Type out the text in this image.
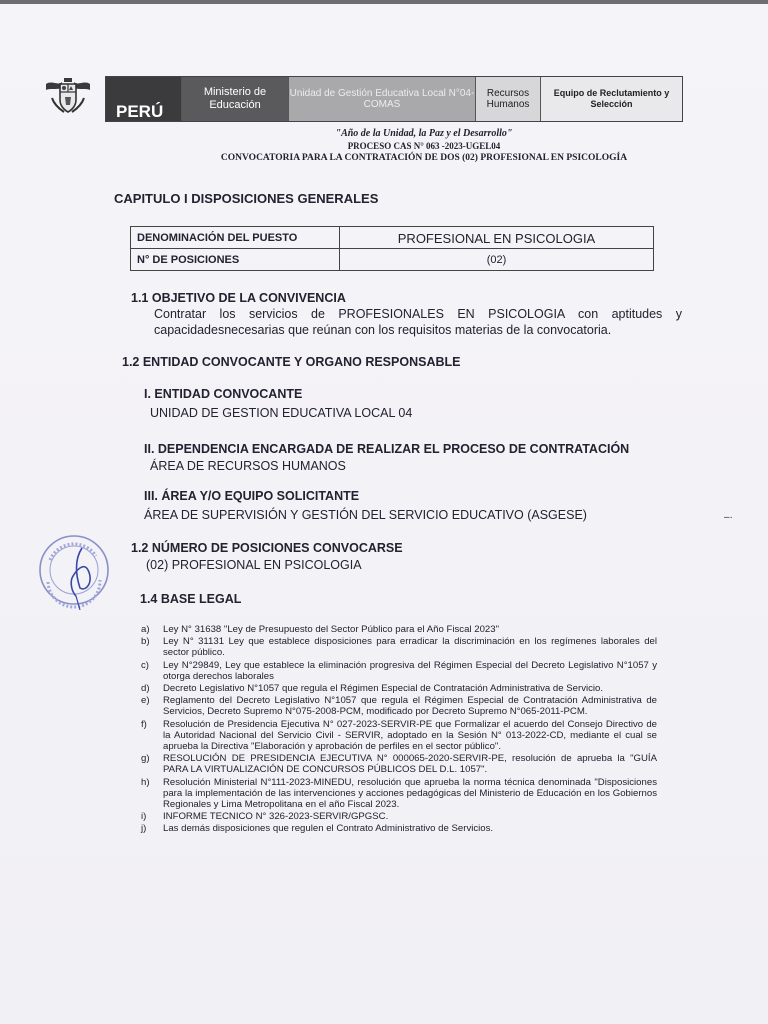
PERÚ
Ministerio de Educación
Unidad de Gestión Educativa Local N°04-COMAS
Recursos Humanos
Equipo de Reclutamiento y Selección
"Año de la Unidad, la Paz y el Desarrollo"
PROCESO CAS N° 063 -2023-UGEL04
CONVOCATORIA PARA LA CONTRATACIÓN DE DOS (02) PROFESIONAL EN PSICOLOGÍA
CAPITULO I DISPOSICIONES GENERALES
DENOMINACIÓN DEL PUESTO	PROFESIONAL EN PSICOLOGIA
N° DE POSICIONES	(02)
1.1 OBJETIVO DE LA CONVIVENCIA
Contratar los servicios de PROFESIONALES EN PSICOLOGIA con aptitudes y capacidadesnecesarias que reúnan con los requisitos materias de la convocatoria.
1.2 ENTIDAD CONVOCANTE Y ORGANO RESPONSABLE
I. ENTIDAD CONVOCANTE
UNIDAD DE GESTION EDUCATIVA LOCAL 04
II. DEPENDENCIA ENCARGADA DE REALIZAR EL PROCESO DE CONTRATACIÓN
ÁREA DE RECURSOS HUMANOS
III. ÁREA Y/O EQUIPO SOLICITANTE
ÁREA DE SUPERVISIÓN Y GESTIÓN DEL SERVICIO EDUCATIVO (ASGESE)	–·
1.2 NÚMERO DE POSICIONES CONVOCARSE
(02) PROFESIONAL EN PSICOLOGIA
1.4 BASE LEGAL
a) Ley N° 31638 "Ley de Presupuesto del Sector Público para el Año Fiscal 2023"
b) Ley N° 31131 Ley que establece disposiciones para erradicar la discriminación en los regímenes laborales del sector público.
c) Ley N°29849, Ley que establece la eliminación progresiva del Régimen Especial del Decreto Legislativo N°1057 y otorga derechos laborales
d) Decreto Legislativo N°1057 que regula el Régimen Especial de Contratación Administrativa de Servicio.
e) Reglamento del Decreto Legislativo N°1057 que regula el Régimen Especial de Contratación Administrativa de Servicios, Decreto Supremo N°075-2008-PCM, modificado por Decreto Supremo N°065-2011-PCM.
f) Resolución de Presidencia Ejecutiva N° 027-2023-SERVIR-PE que Formalizar el acuerdo del Consejo Directivo de la Autoridad Nacional del Servicio Civil - SERVIR, adoptado en la Sesión N° 013-2022-CD, mediante el cual se aprueba la Directiva "Elaboración y aprobación de perfiles en el sector público".
g) RESOLUCIÓN DE PRESIDENCIA EJECUTIVA N° 000065-2020-SERVIR-PE, resolución de aprueba la "GUÍA PARA LA VIRTUALIZACIÓN DE CONCURSOS PÚBLICOS DEL D.L. 1057".
h) Resolución Ministerial N°111-2023-MINEDU, resolución que aprueba la norma técnica denominada "Disposiciones para la implementación de las intervenciones y acciones pedagógicas del Ministerio de Educación en los Gobiernos Regionales y Lima Metropolitana en el año Fiscal 2023.
i) INFORME TECNICO N° 326-2023-SERVIR/GPGSC.
j) Las demás disposiciones que regulen el Contrato Administrativo de Servicios.
